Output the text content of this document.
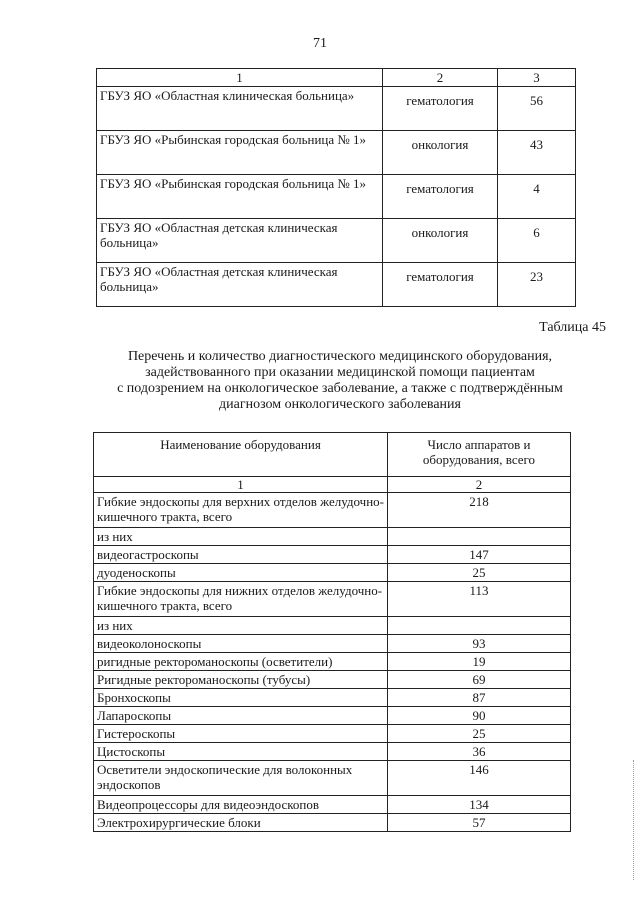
71
1	2	3
ГБУЗ ЯО «Областная клиническая больница»	гематология	56
ГБУЗ ЯО «Рыбинская городская больница № 1»	онкология	43
ГБУЗ ЯО «Рыбинская городская больница № 1»	гематология	4
ГБУЗ ЯО «Областная детская клиническая больница»	онкология	6
ГБУЗ ЯО «Областная детская клиническая больница»	гематология	23
Таблица 45
Перечень и количество диагностического медицинского оборудования,
задействованного при оказании медицинской помощи пациентам
с подозрением на онкологическое заболевание, а также с подтверждённым
диагнозом онкологического заболевания
Наименование оборудования	Число аппаратов и оборудования, всего
1	2
Гибкие эндоскопы для верхних отделов желудочно-кишечного тракта, всего	218
из них	
видеогастроскопы	147
дуоденоскопы	25
Гибкие эндоскопы для нижних отделов желудочно-кишечного тракта, всего	113
из них	
видеоколоноскопы	93
ригидные ректороманоскопы (осветители)	19
Ригидные ректороманоскопы (тубусы)	69
Бронхоскопы	87
Лапароскопы	90
Гистероскопы	25
Цистоскопы	36
Осветители эндоскопические для волоконных эндоскопов	146
Видеопроцессоры для видеоэндоскопов	134
Электрохирургические блоки	57
